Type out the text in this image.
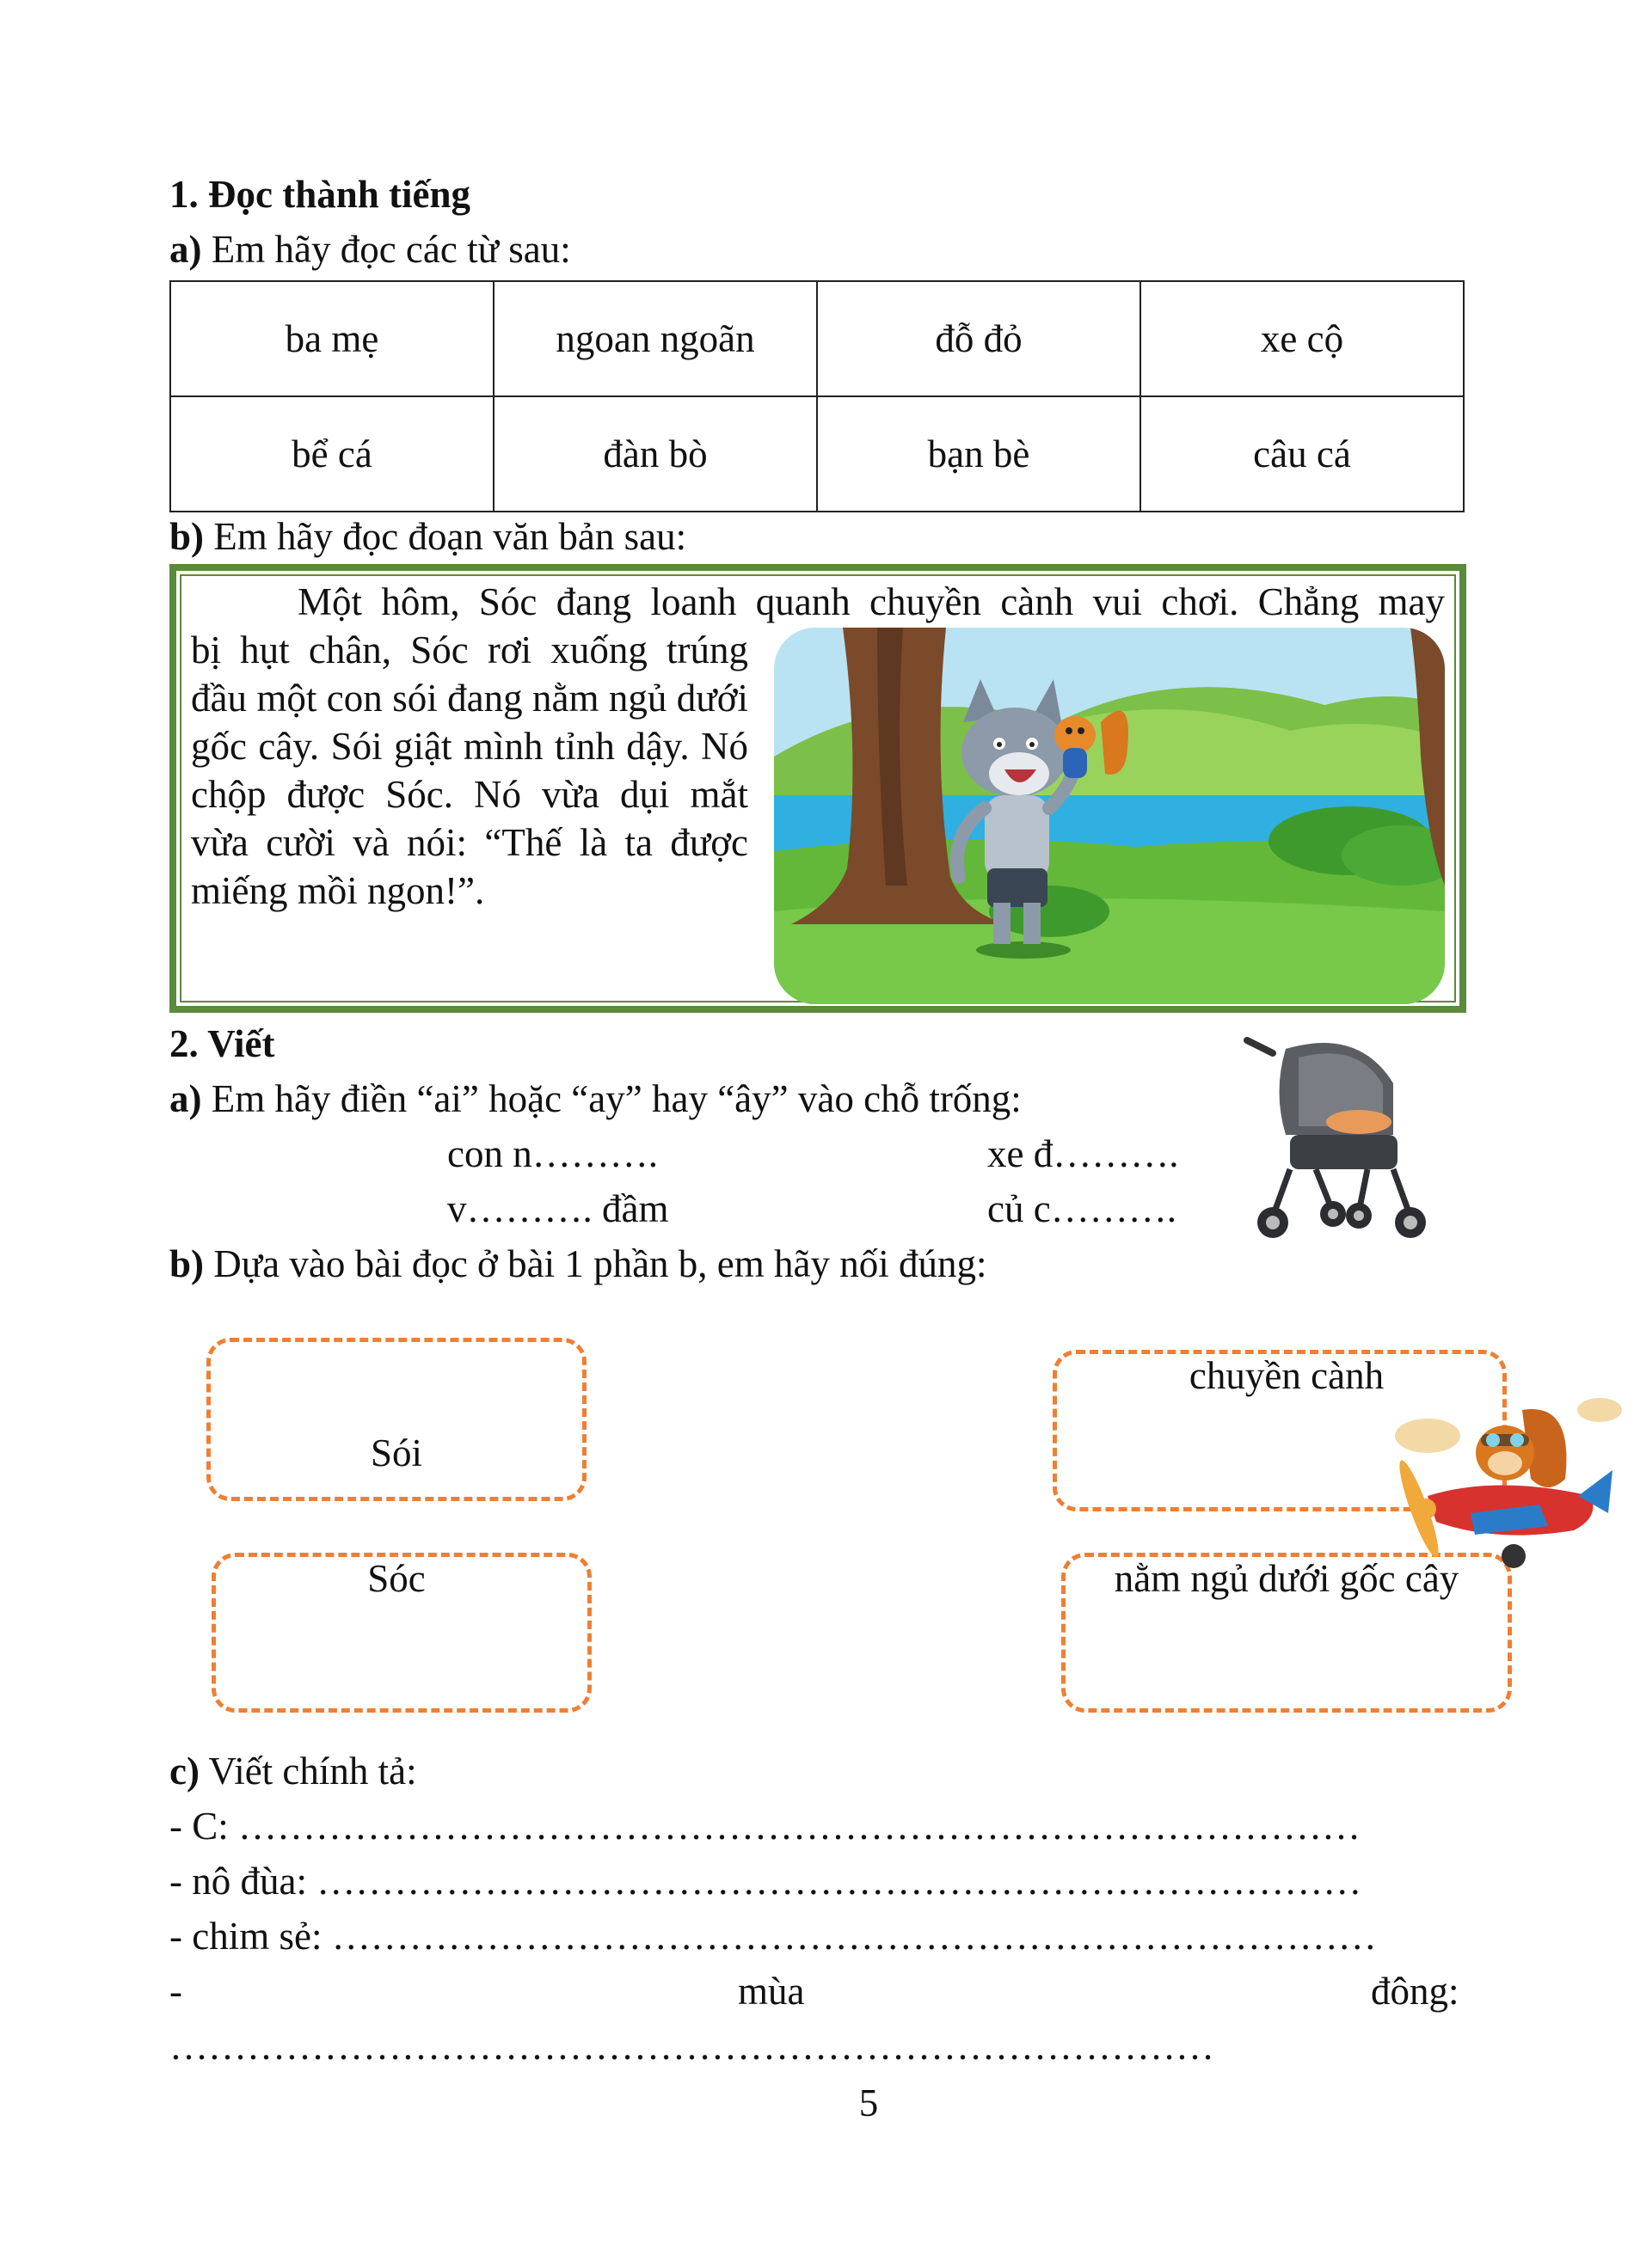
1. Đọc thành tiếng
a) Em hãy đọc các từ sau:
ba mẹ	ngoan ngoãn	đỗ đỏ	xe cộ
bể cá	đàn bò	bạn bè	câu cá
b) Em hãy đọc đoạn văn bản sau:
Một hôm, Sóc đang loanh quanh chuyền cành vui chơi. Chẳng may
bị hụt chân, Sóc rơi xuống trúng đầu một con sói đang nằm ngủ dưới gốc cây. Sói giật mình tỉnh dậy. Nó chộp được Sóc. Nó vừa dụi mắt vừa cười và nói: “Thế là ta được miếng mồi ngon!”.
2. Viết
a) Em hãy điền “ai” hoặc “ay” hay “ây” vào chỗ trống:
con n……….	xe đ……….
v………. đầm	củ c……….
b) Dựa vào bài đọc ở bài 1 phần b, em hãy nối đúng:
Sói
Sóc
chuyền cành
nằm ngủ dưới gốc cây
c) Viết chính tả:
- C: ……………………………………………………………………………
- nô đùa: ………………………………………………………………………
- chim sẻ: ………………………………………………………………………
-	mùa	đông:
………………………………………………………………………
5
